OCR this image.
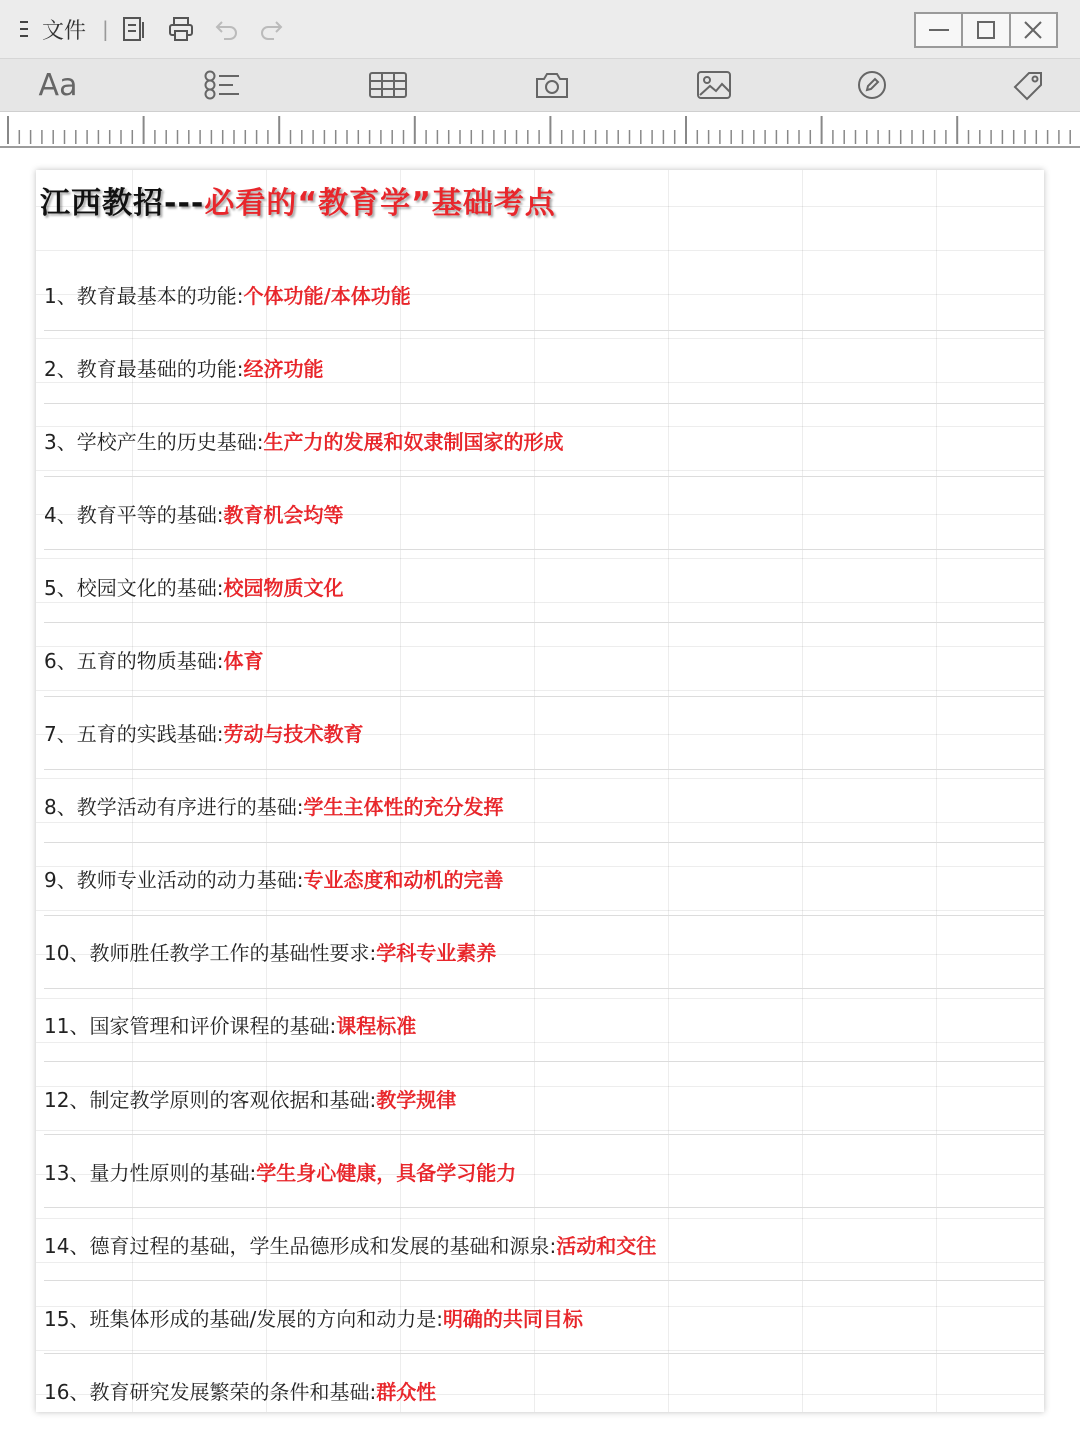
文件 |
Aa
江西教招---必看的“教育学”基础考点
1、 教育最基本的功能: 个体功能/本体功能
2、 教育最基础的功能: 经济功能
3、 学校产生的历史基础: 生产力的发展和奴隶制国家的形成
4、 教育平等的基础: 教育机会均等
5、 校园文化的基础: 校园物质文化
6、 五育的物质基础: 体育
7、 五育的实践基础: 劳动与技术教育
8、 教学活动有序进行的基础: 学生主体性的充分发挥
9、 教师专业活动的动力基础: 专业态度和动机的完善
10、 教师胜任教学工作的基础性要求: 学科专业素养
11、 国家管理和评价课程的基础: 课程标准
12、 制定教学原则的客观依据和基础: 教学规律
13、 量力性原则的基础: 学生身心健康，具备学习能力
14、 德育过程的基础，学生品德形成和发展的基础和源泉: 活动和交往
15、 班集体形成的基础/发展的方向和动力是: 明确的共同目标
16、 教育研究发展繁荣的条件和基础: 群众性
